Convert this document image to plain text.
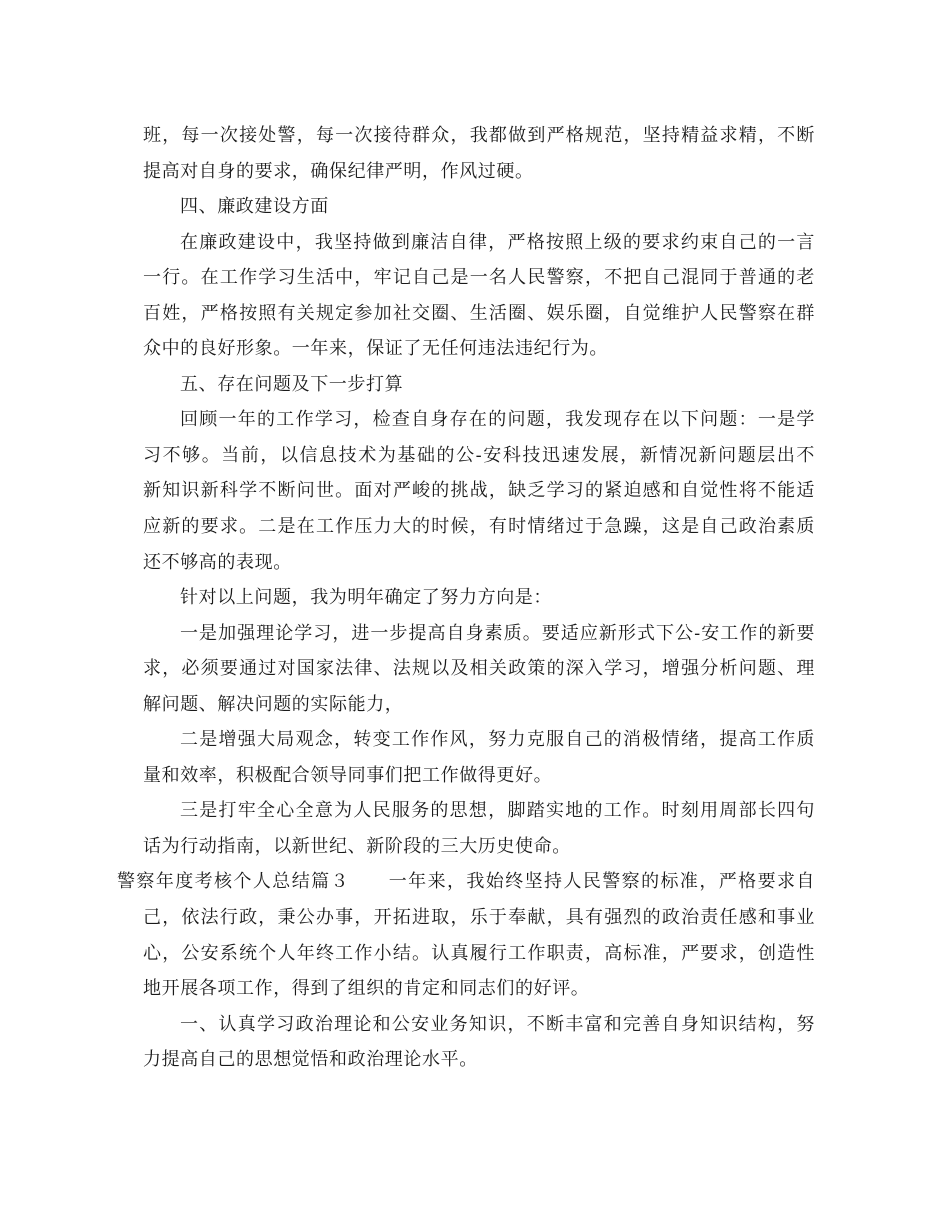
班，每一次接处警，每一次接待群众，我都做到严格规范，坚持精益求精，不断
提高对自身的要求，确保纪律严明，作风过硬。
四、廉政建设方面
在廉政建设中，我坚持做到廉洁自律，严格按照上级的要求约束自己的一言
一行。在工作学习生活中，牢记自己是一名人民警察，不把自己混同于普通的老
百姓，严格按照有关规定参加社交圈、生活圈、娱乐圈，自觉维护人民警察在群
众中的良好形象。一年来，保证了无任何违法违纪行为。
五、存在问题及下一步打算
回顾一年的工作学习，检查自身存在的问题，我发现存在以下问题：一是学
习不够。当前，以信息技术为基础的公-安科技迅速发展，新情况新问题层出不
新知识新科学不断问世。面对严峻的挑战，缺乏学习的紧迫感和自觉性将不能适
应新的要求。二是在工作压力大的时候，有时情绪过于急躁，这是自己政治素质
还不够高的表现。
针对以上问题，我为明年确定了努力方向是：
一是加强理论学习，进一步提高自身素质。要适应新形式下公-安工作的新要
求，必须要通过对国家法律、法规以及相关政策的深入学习，增强分析问题、理
解问题、解决问题的实际能力，
二是增强大局观念，转变工作作风，努力克服自己的消极情绪，提高工作质
量和效率，积极配合领导同事们把工作做得更好。
三是打牢全心全意为人民服务的思想，脚踏实地的工作。时刻用周部长四句
话为行动指南，以新世纪、新阶段的三大历史使命。
警察年度考核个人总结篇３　　一年来，我始终坚持人民警察的标准，严格要求自
己，依法行政，秉公办事，开拓进取，乐于奉献，具有强烈的政治责任感和事业
心，公安系统个人年终工作小结。认真履行工作职责，高标准，严要求，创造性
地开展各项工作，得到了组织的肯定和同志们的好评。
一、认真学习政治理论和公安业务知识，不断丰富和完善自身知识结构，努
力提高自己的思想觉悟和政治理论水平。
